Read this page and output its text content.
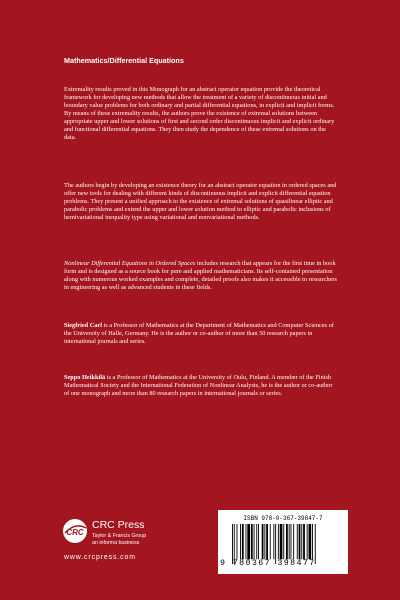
Mathematics/Differential Equations

Extremality results proved in this Monograph for an abstract operator equation provide the theoretical framework for developing new methods that allow the treatment of a variety of discontinuous initial and boundary value problems for both ordinary and partial differential equations, in explicit and implicit forms. By means of these extremality results, the authors prove the existence of extremal solutions between appropriate upper and lower solutions of first and second order discontinuous implicit and explicit ordinary and functional differential equations. They then study the dependence of these extremal solutions on the data.

The authors begin by developing an existence theory for an abstract operator equation in ordered spaces and offer new tools for dealing with different kinds of discontinuous implicit and explicit differential equation problems. They present a unified approach to the existence of extremal solutions of quasilinear elliptic and parabolic problems and extend the upper and lower solution method to elliptic and parabolic inclusions of hemivariational inequality type using variational and nonvariational methods.

Nonlinear Differential Equations in Ordered Spaces includes research that appears for the first time in book form and is designed as a source book for pure and applied mathematicians. Its self-contained presentation along with numerous worked examples and complete, detailed proofs also makes it accessible to researchers in engineering as well as advanced students in these fields.

Siegfried Carl is a Professor of Mathematics at the Department of Mathematics and Computer Sciences of the University of Halle, Germany. He is the author or co-author of more than 50 research papers in international journals and series.

Seppo Heikkilä is a Professor of Mathematics at the University of Oulu, Finland. A member of the Finish Mathematical Society and the International Federation of Nonlinear Analysts, he is the author or co-author of one monograph and more than 80 research papers in international journals or series.

CRC
CRC Press
Taylor & Francis Group
an informa business
www.crcpress.com
ISBN 978-0-367-39847-7
9 780367 398477
